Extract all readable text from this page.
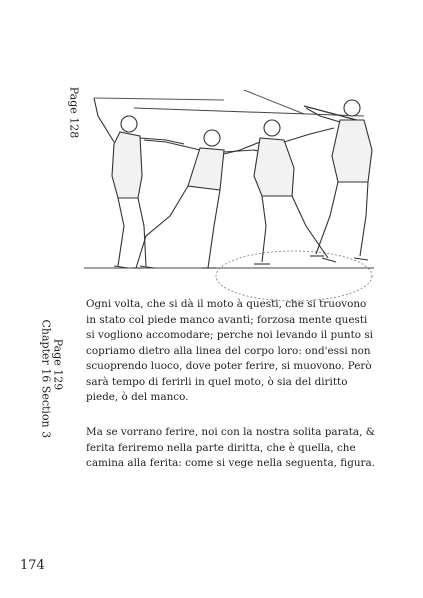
Page 128
Chapter 16 Section 3 Page 129

Ogni volta, che si dà il moto à questi, che si truovono in stato col piede manco avanti; forzosa mente questi si vogliono accomodare; perche noi levando il punto si copriamo dietro alla linea del corpo loro: ond'essi non scuoprendo luoco, dove poter ferire, si muovono. Però sarà tempo di ferirli in quel moto, ò sia del diritto piede, ò del manco.

Ma se vorrano ferire, noi con la nostra solita parata, & ferita feriremo nella parte diritta, che è quella, che camina alla ferita: come si vege nella seguenta, figura.

174
